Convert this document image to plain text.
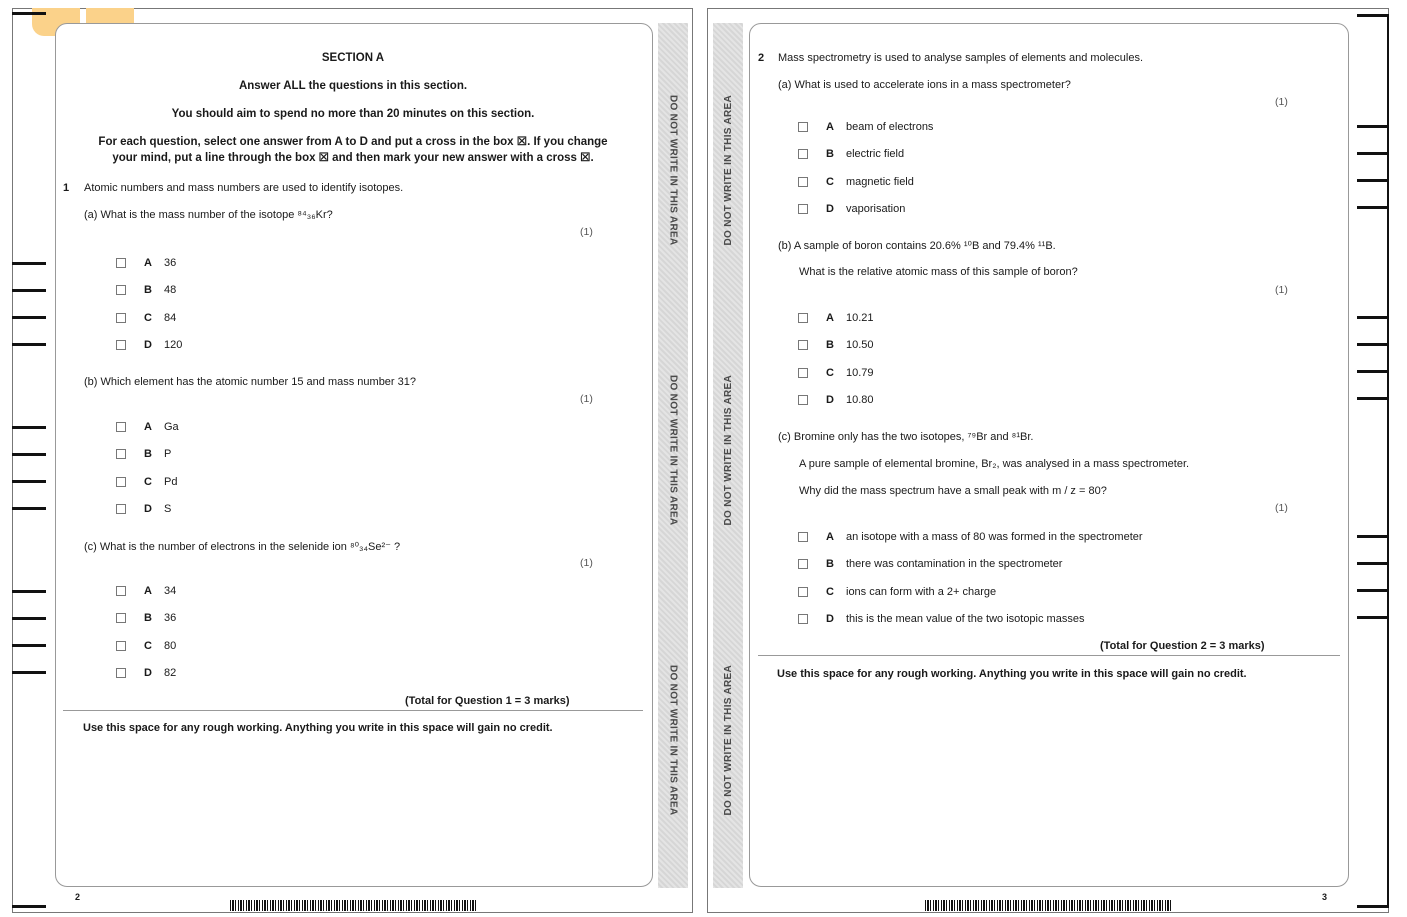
DO NOT WRITE IN THIS AREA
DO NOT WRITE IN THIS AREA
DO NOT WRITE IN THIS AREA
SECTION A
Answer ALL the questions in this section.
You should aim to spend no more than 20 minutes on this section.
For each question, select one answer from A to D and put a cross in the box ☒. If you change
your mind, put a line through the box ☒ and then mark your new answer with a cross ☒.
1 Atomic numbers and mass numbers are used to identify isotopes.
(a) What is the mass number of the isotope ⁸⁴₃₆Kr?
(1)
A	36
B	48
C	84
D	120
(b) Which element has the atomic number 15 and mass number 31?
(1)
A	Ga
B	P
C	Pd
D	S
(c) What is the number of electrons in the selenide ion ⁸⁰₃₄Se²⁻ ?
(1)
A	34
B	36
C	80
D	82
(Total for Question 1 = 3 marks)
Use this space for any rough working. Anything you write in this space will gain no credit.
2
DO NOT WRITE IN THIS AREA
DO NOT WRITE IN THIS AREA
DO NOT WRITE IN THIS AREA
2 Mass spectrometry is used to analyse samples of elements and molecules.
(a) What is used to accelerate ions in a mass spectrometer?
(1)
A	beam of electrons
B	electric field
C	magnetic field
D	vaporisation
(b) A sample of boron contains 20.6% ¹⁰B and 79.4% ¹¹B.
What is the relative atomic mass of this sample of boron?
(1)
A	10.21
B	10.50
C	10.79
D	10.80
(c) Bromine only has the two isotopes, ⁷⁹Br and ⁸¹Br.
A pure sample of elemental bromine, Br₂, was analysed in a mass spectrometer.
Why did the mass spectrum have a small peak with m / z = 80?
(1)
A	an isotope with a mass of 80 was formed in the spectrometer
B	there was contamination in the spectrometer
C	ions can form with a 2+ charge
D	this is the mean value of the two isotopic masses
(Total for Question 2 = 3 marks)
Use this space for any rough working. Anything you write in this space will gain no credit.
3
